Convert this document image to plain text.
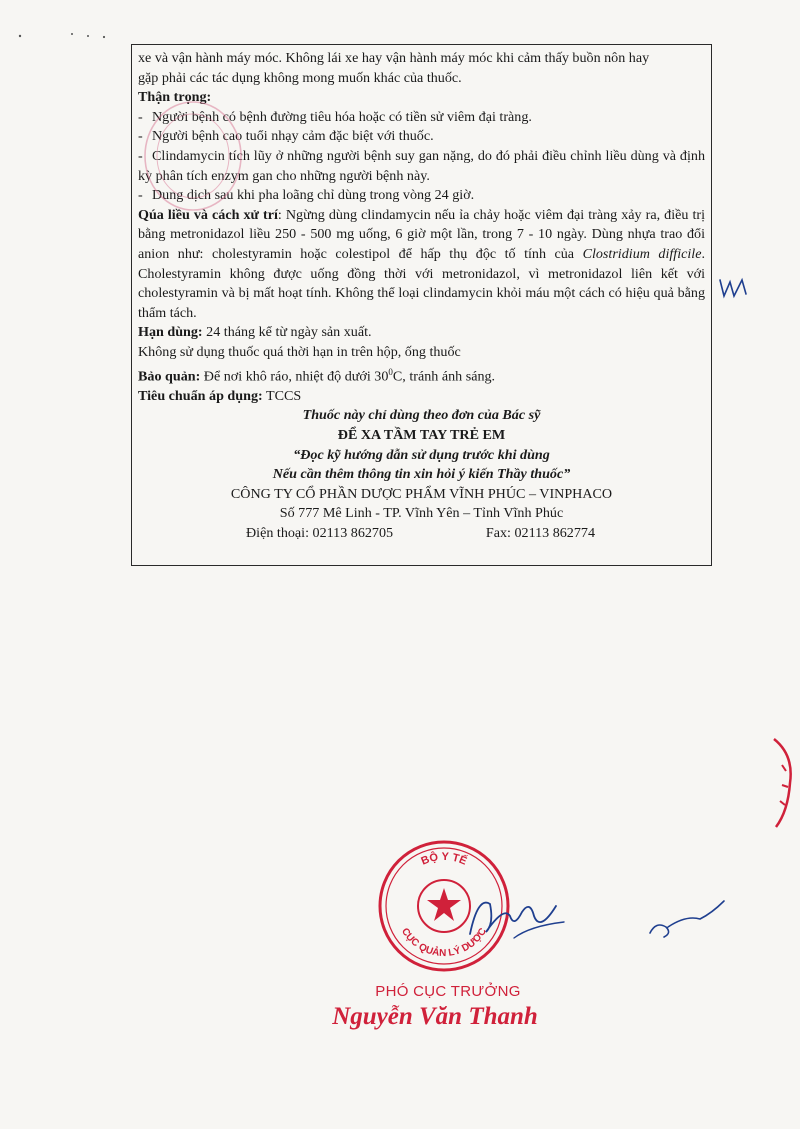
xe và vận hành máy móc. Không lái xe hay vận hành máy móc khi cảm thấy buồn nôn hay

gặp phải các tác dụng không mong muốn khác của thuốc.

Thận trọng:

- Người bệnh có bệnh đường tiêu hóa hoặc có tiền sử viêm đại tràng.

- Người bệnh cao tuổi nhạy cảm đặc biệt với thuốc.

- Clindamycin tích lũy ở những người bệnh suy gan nặng, do đó phải điều chỉnh liều dùng và định kỳ phân tích enzym gan cho những người bệnh này.

- Dung dịch sau khi pha loãng chỉ dùng trong vòng 24 giờ.

Qúa liều và cách xử trí: Ngừng dùng clindamycin nếu ỉa chảy hoặc viêm đại tràng xảy ra, điều trị bằng metronidazol liều 250 - 500 mg uống, 6 giờ một lần, trong 7 - 10 ngày. Dùng nhựa trao đổi anion như: cholestyramin hoặc colestipol để hấp thụ độc tố tính của Clostridium difficile. Cholestyramin không được uống đồng thời với metronidazol, vì metronidazol liên kết với cholestyramin và bị mất hoạt tính. Không thể loại clindamycin khỏi máu một cách có hiệu quả bằng thẩm tách.

Hạn dùng: 24 tháng kể từ ngày sản xuất.

Không sử dụng thuốc quá thời hạn in trên hộp, ống thuốc

Bảo quản: Để nơi khô ráo, nhiệt độ dưới $30^0C$, tránh ánh sáng.

Tiêu chuẩn áp dụng: TCCS

Thuốc này chỉ dùng theo đơn của Bác sỹ

ĐỂ XA TẦM TAY TRẺ EM

“Đọc kỹ hướng dẫn sử dụng trước khi dùng

Nếu cần thêm thông tin xin hỏi ý kiến Thầy thuốc”

CÔNG TY CỔ PHẦN DƯỢC PHẨM VĨNH PHÚC – VINPHACO

Số 777 Mê Linh - TP. Vĩnh Yên – Tỉnh Vĩnh Phúc

Điện thoại: 02113 862705	Fax: 02113 862774
BỘ Y TẾ
CỤC QUẢN LÝ DƯỢC
PHÓ CỤC TRƯỞNG
Nguyễn Văn Thanh
